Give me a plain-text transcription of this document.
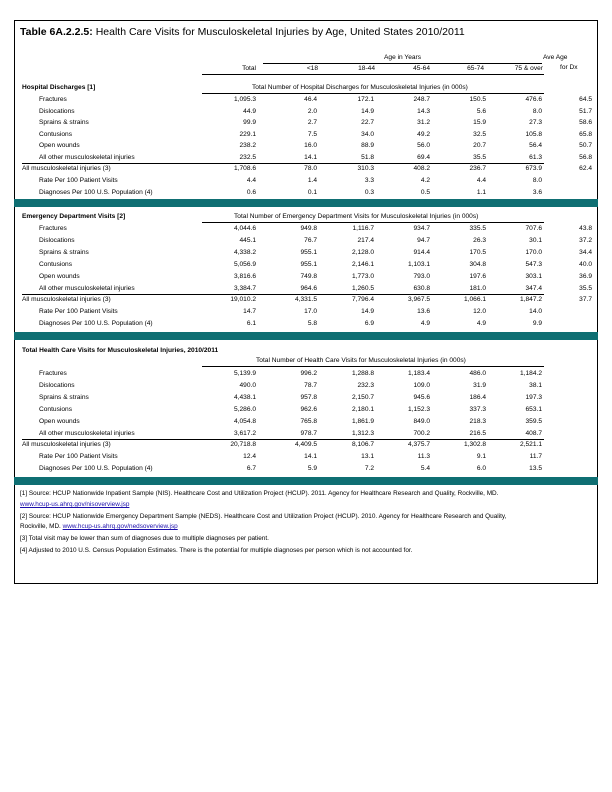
Table 6A.2.2.5: Health Care Visits for Musculoskeletal Injuries by Age, United States 2010/2011
Age in Years	Ave Age
for Dx
Total	<18	18-44	45-64	65-74	75 & over
Hospital Discharges [1]	Total Number of Hospital Discharges for Musculoskeletal Injuries (in 000s)
Fractures	1,095.3	46.4	172.1	248.7	150.5	476.6	64.5
Dislocations	44.9	2.0	14.9	14.3	5.6	8.0	51.7
Sprains & strains	99.9	2.7	22.7	31.2	15.9	27.3	58.6
Contusions	229.1	7.5	34.0	49.2	32.5	105.8	65.8
Open wounds	238.2	16.0	88.9	56.0	20.7	56.4	50.7
All other musculoskeletal injuries	232.5	14.1	51.8	69.4	35.5	61.3	56.8
All musculoskeletal injuries (3)	1,708.6	78.0	310.3	408.2	236.7	673.9	62.4
Rate Per 100 Patient Visits	4.4	1.4	3.3	4.2	4.4	8.0
Diagnoses Per 100 U.S. Population (4)	0.6	0.1	0.3	0.5	1.1	3.6
Emergency Department Visits [2]	Total Number of Emergency Department Visits for Musculoskeletal Injuries (in 000s)
Fractures	4,044.6	949.8	1,116.7	934.7	335.5	707.6	43.8
Dislocations	445.1	76.7	217.4	94.7	26.3	30.1	37.2
Sprains & strains	4,338.2	955.1	2,128.0	914.4	170.5	170.0	34.4
Contusions	5,056.9	955.1	2,146.1	1,103.1	304.8	547.3	40.0
Open wounds	3,816.6	749.8	1,773.0	793.0	197.6	303.1	36.9
All other musculoskeletal injuries	3,384.7	964.6	1,260.5	630.8	181.0	347.4	35.5
All musculoskeletal injuries (3)	19,010.2	4,331.5	7,796.4	3,967.5	1,066.1	1,847.2	37.7
Rate Per 100 Patient Visits	14.7	17.0	14.9	13.6	12.0	14.0
Diagnoses Per 100 U.S. Population (4)	6.1	5.8	6.9	4.9	4.9	9.9
Total Health Care Visits for Musculoskeletal Injuries, 2010/2011
Total Number of Health Care Visits for Musculoskeletal Injuries (in 000s)
Fractures	5,139.9	996.2	1,288.8	1,183.4	486.0	1,184.2
Dislocations	490.0	78.7	232.3	109.0	31.9	38.1
Sprains & strains	4,438.1	957.8	2,150.7	945.6	186.4	197.3
Contusions	5,286.0	962.6	2,180.1	1,152.3	337.3	653.1
Open wounds	4,054.8	765.8	1,861.9	849.0	218.3	359.5
All other musculoskeletal injuries	3,617.2	978.7	1,312.3	700.2	216.5	408.7
All musculoskeletal injuries (3)	20,718.8	4,409.5	8,106.7	4,375.7	1,302.8	2,521.1
Rate Per 100 Patient Visits	12.4	14.1	13.1	11.3	9.1	11.7
Diagnoses Per 100 U.S. Population (4)	6.7	5.9	7.2	5.4	6.0	13.5
[1] Source: HCUP Nationwide Inpatient Sample (NIS). Healthcare Cost and Utilization Project (HCUP). 2011. Agency for Healthcare Research and Quality, Rockville, MD.
www.hcup-us.ahrq.gov/nisoverview.jsp
[2] Source: HCUP Nationwide Emergency Department Sample (NEDS). Healthcare Cost and Utilization Project (HCUP). 2010. Agency for Healthcare Research and Quality,
Rockville, MD. www.hcup-us.ahrq.gov/nedsoverview.jsp
[3] Total visit may be lower than sum of diagnoses due to multiple diagnoses per patient.
[4] Adjusted to 2010 U.S. Census Population Estimates. There is the potential for multiple diagnoses per person which is not accounted for.
